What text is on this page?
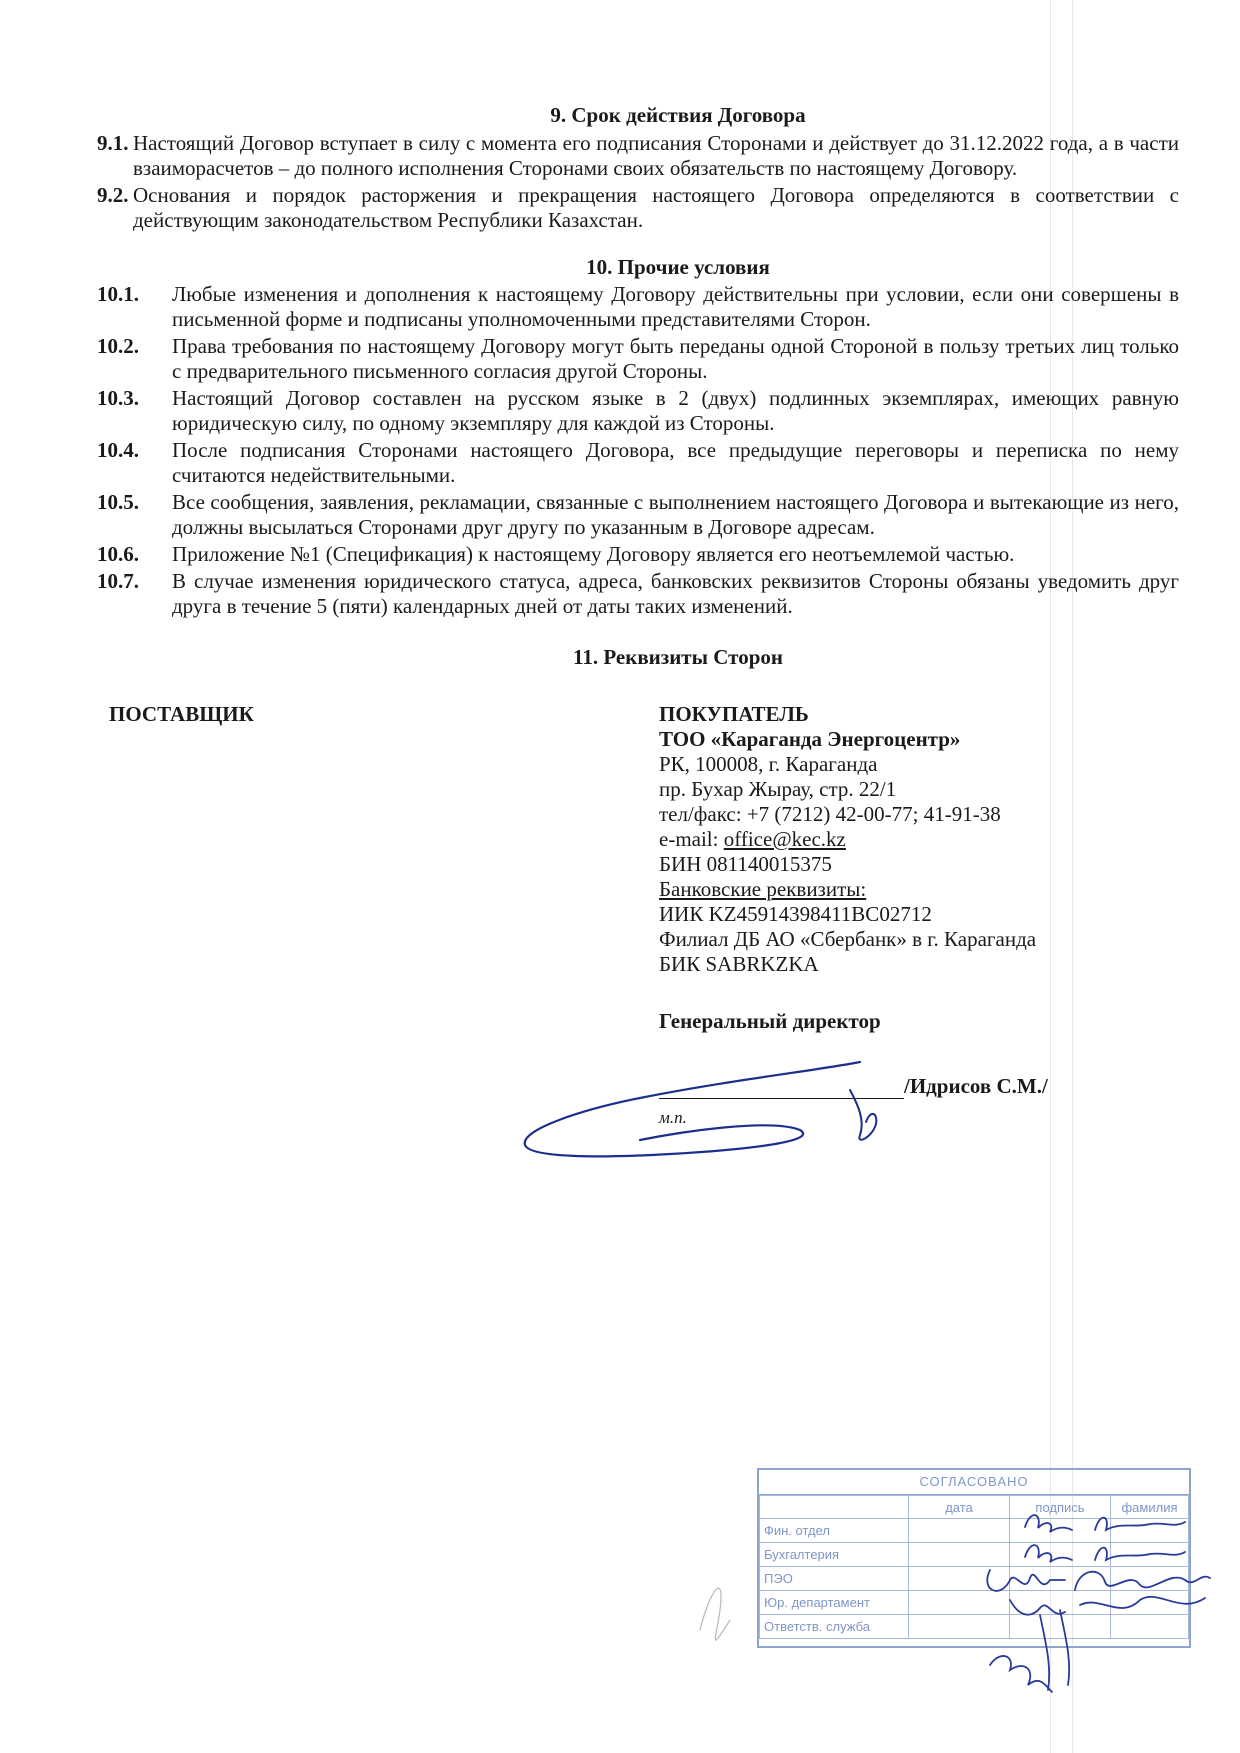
9. Срок действия Договора
9.1. Настоящий Договор вступает в силу с момента его подписания Сторонами и действует до 31.12.2022 года, а в части взаиморасчетов – до полного исполнения Сторонами своих обязательств по настоящему Договору.
9.2. Основания и порядок расторжения и прекращения настоящего Договора определяются в соответствии с действующим законодательством Республики Казахстан.
10. Прочие условия
10.1.	Любые изменения и дополнения к настоящему Договору действительны при условии, если они совершены в письменной форме и подписаны уполномоченными представителями Сторон.
10.2.	Права требования по настоящему Договору могут быть переданы одной Стороной в пользу третьих лиц только с предварительного письменного согласия другой Стороны.
10.3.	Настоящий Договор составлен на русском языке в 2 (двух) подлинных экземплярах, имеющих равную юридическую силу, по одному экземпляру для каждой из Стороны.
10.4.	После подписания Сторонами настоящего Договора, все предыдущие переговоры и переписка по нему считаются недействительными.
10.5.	Все сообщения, заявления, рекламации, связанные с выполнением настоящего Договора и вытекающие из него, должны высылаться Сторонами друг другу по указанным в Договоре адресам.
10.6.	Приложение №1 (Спецификация) к настоящему Договору является его неотъемлемой частью.
10.7.	В случае изменения юридического статуса, адреса, банковских реквизитов Стороны обязаны уведомить друг друга в течение 5 (пяти) календарных дней от даты таких изменений.
11. Реквизиты Сторон
ПОСТАВЩИК	ПОКУПАТЕЛЬ
ТОО «Караганда Энергоцентр»
РК, 100008, г. Караганда
пр. Бухар Жырау, стр. 22/1
тел/факс: +7 (7212) 42-00-77; 41-91-38
e-mail: office@kec.kz
БИН 081140015375
Банковские реквизиты:
ИИК KZ45914398411BC02712
Филиал ДБ АО «Сбербанк» в г. Караганда
БИК SABRKZKA
Генеральный директор
/Идрисов С.М./
м.п.
СОГЛАСОВАНО
	дата	подпись	фамилия
Фин. отдел			
Бухгалтерия			
ПЭО			
Юр. департамент			
Ответств. служба			
